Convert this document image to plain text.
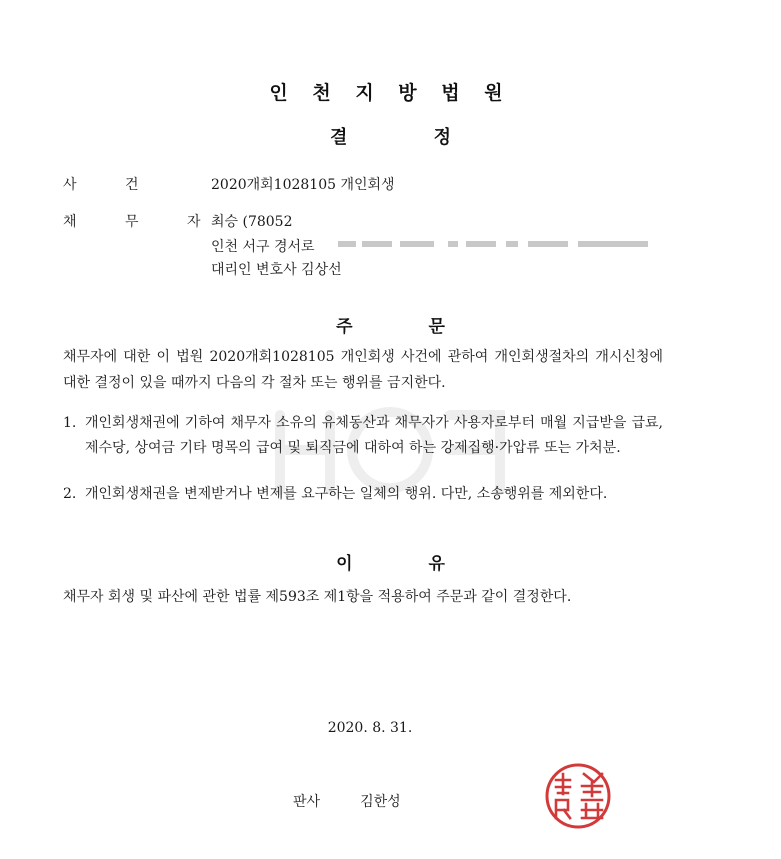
인 천 지 방 법 원
결 정
사 건	2020개회1028105 개인회생
채 무 자
최승 (78052
인천 서구 경서로
대리인 변호사 김상선
주 문
채무자에 대한 이 법원 2020개회1028105 개인회생 사건에 관하여 개인회생절차의 개시신청에 대한 결정이 있을 때까지 다음의 각 절차 또는 행위를 금지한다.
1. 개인회생채권에 기하여 채무자 소유의 유체동산과 채무자가 사용자로부터 매월 지급받을 급료, 제수당, 상여금 기타 명목의 급여 및 퇴직금에 대하여 하는 강제집행·가압류 또는 가처분.
2. 개인회생채권을 변제받거나 변제를 요구하는 일체의 행위. 다만, 소송행위를 제외한다.
이 유
채무자 회생 및 파산에 관한 법률 제593조 제1항을 적용하여 주문과 같이 결정한다.
2020. 8. 31.
판사	김한성
